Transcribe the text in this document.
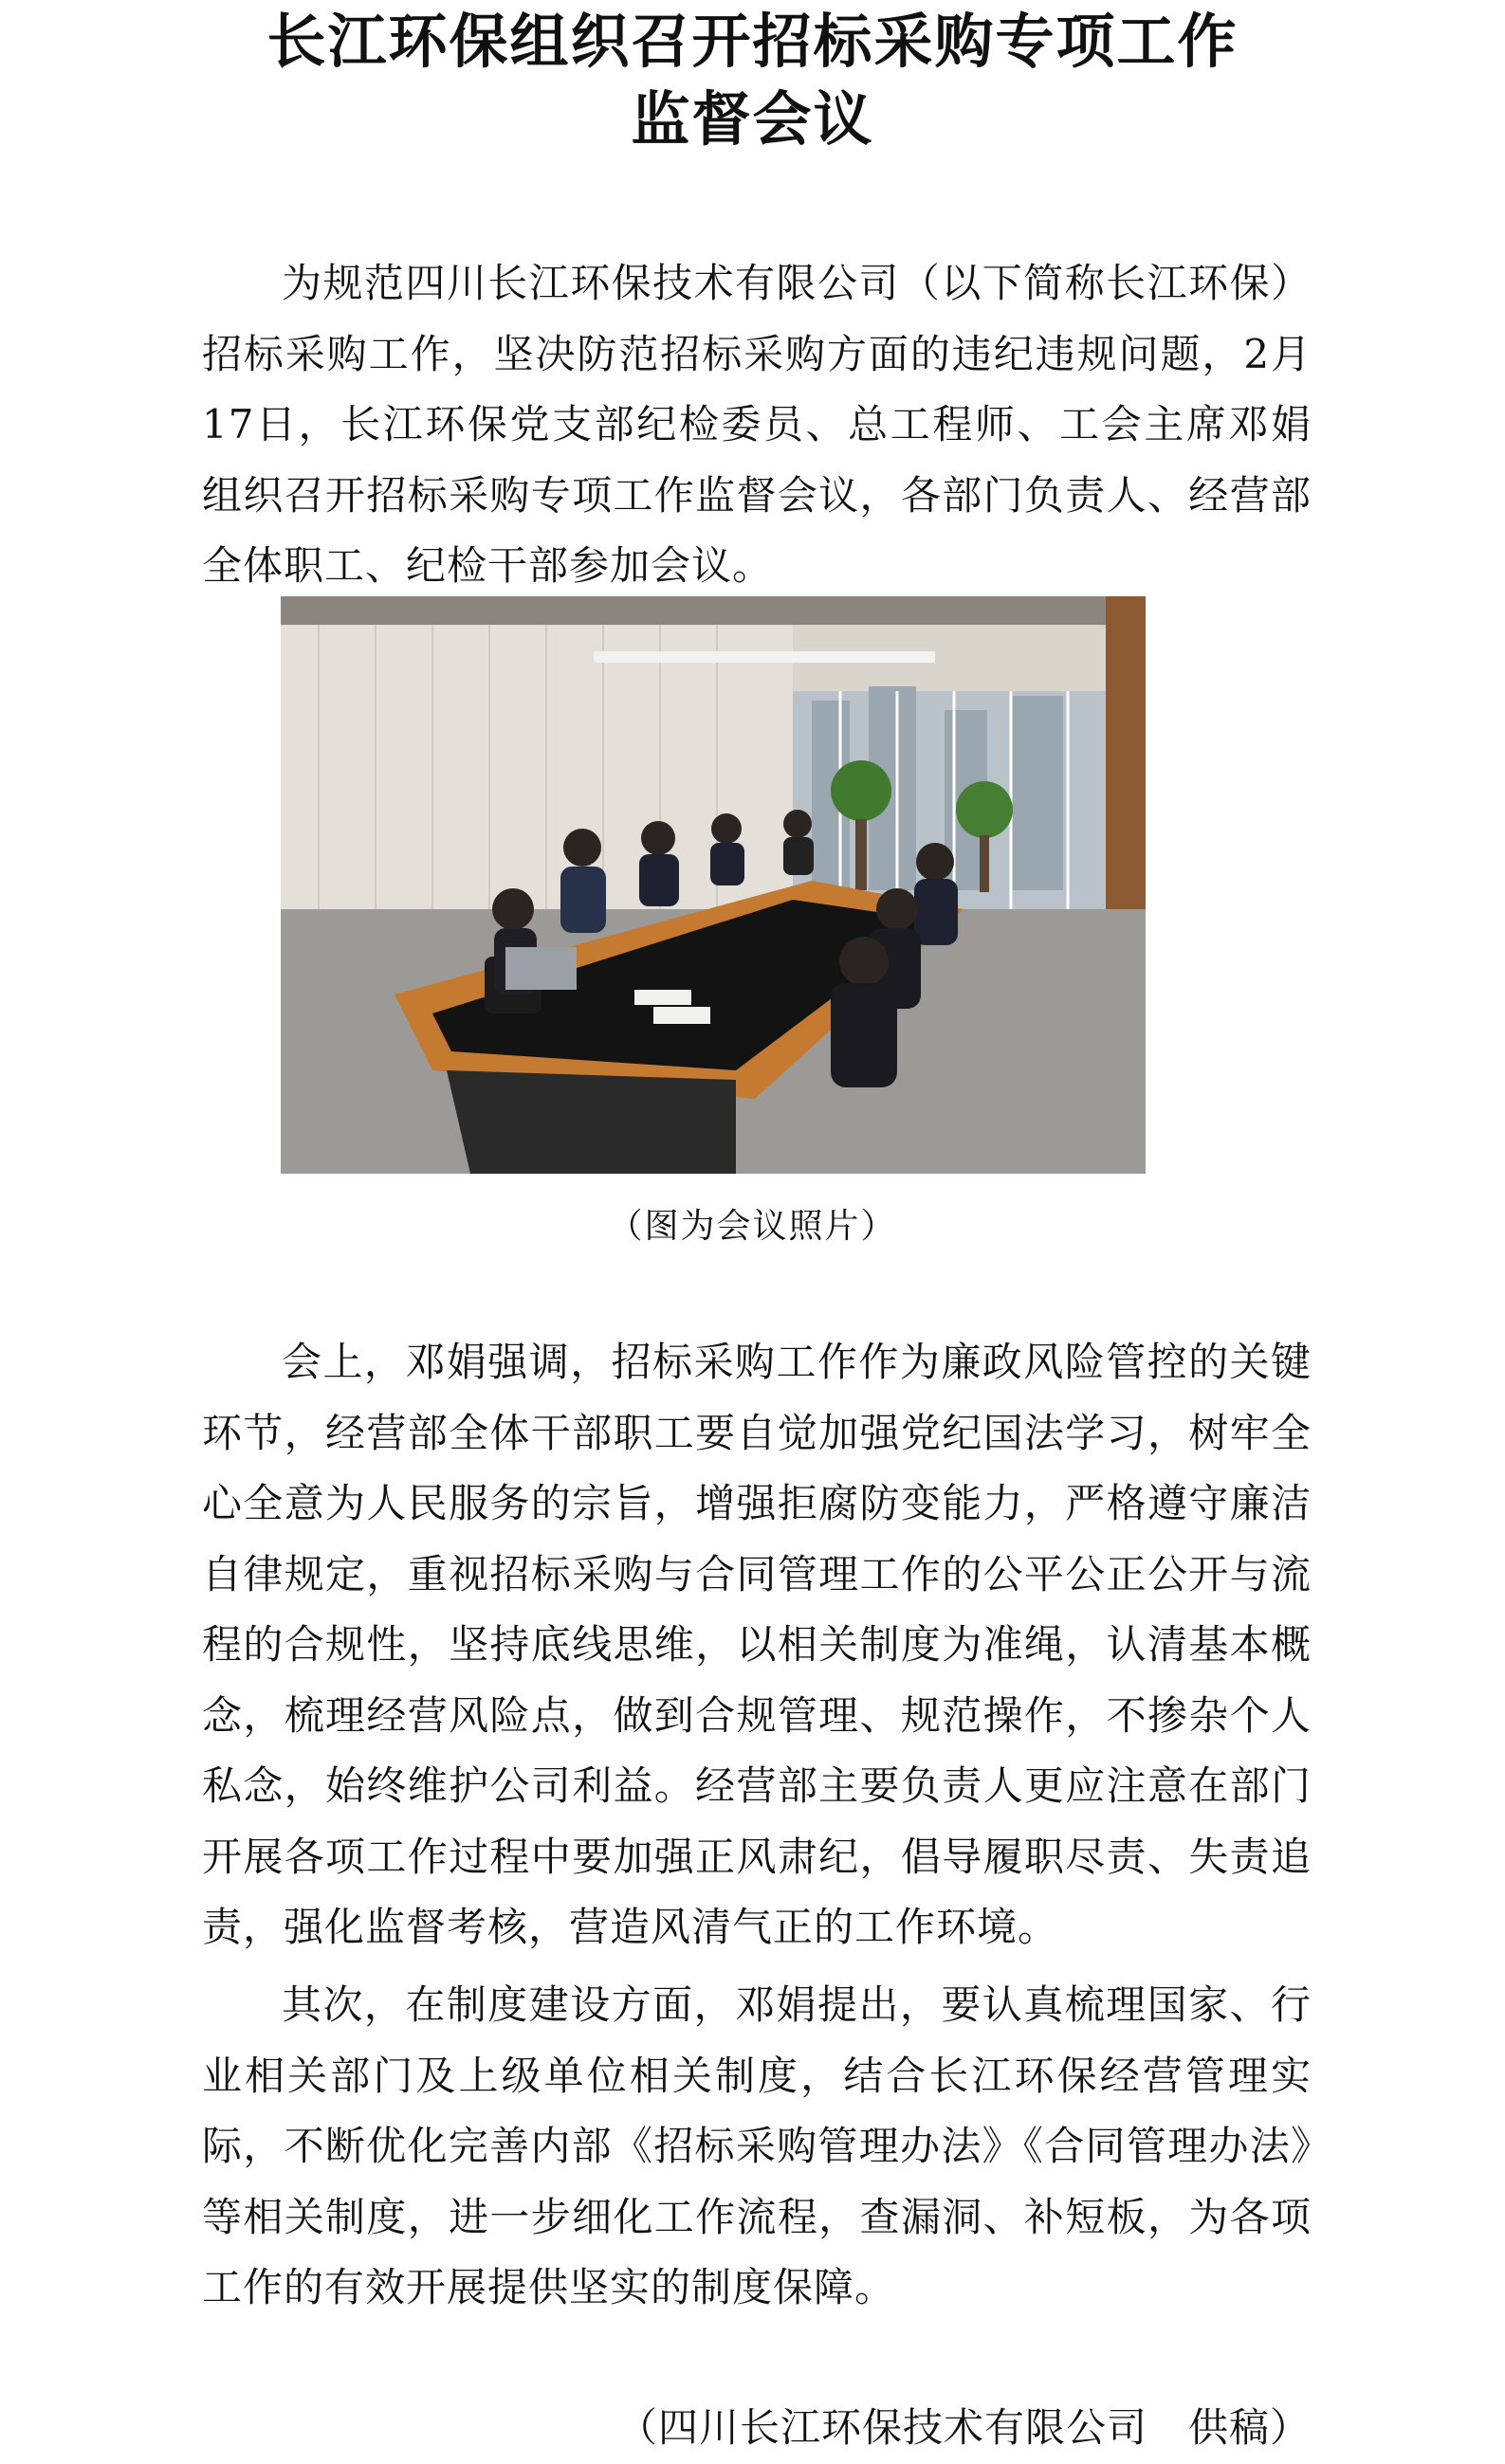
长江环保组织召开招标采购专项工作
监督会议

为规范四川长江环保技术有限公司（以下简称长江环保）招标采购工作，坚决防范招标采购方面的违纪违规问题，2月17日，长江环保党支部纪检委员、总工程师、工会主席邓娟组织召开招标采购专项工作监督会议，各部门负责人、经营部全体职工、纪检干部参加会议。

（图为会议照片）

会上，邓娟强调，招标采购工作作为廉政风险管控的关键环节，经营部全体干部职工要自觉加强党纪国法学习，树牢全心全意为人民服务的宗旨，增强拒腐防变能力，严格遵守廉洁自律规定，重视招标采购与合同管理工作的公平公正公开与流程的合规性，坚持底线思维，以相关制度为准绳，认清基本概念，梳理经营风险点，做到合规管理、规范操作，不掺杂个人私念，始终维护公司利益。经营部主要负责人更应注意在部门开展各项工作过程中要加强正风肃纪，倡导履职尽责、失责追责，强化监督考核，营造风清气正的工作环境。

其次，在制度建设方面，邓娟提出，要认真梳理国家、行业相关部门及上级单位相关制度，结合长江环保经营管理实际，不断优化完善内部《招标采购管理办法》《合同管理办法》等相关制度，进一步细化工作流程，查漏洞、补短板，为各项工作的有效开展提供坚实的制度保障。

（四川长江环保技术有限公司   供稿）
